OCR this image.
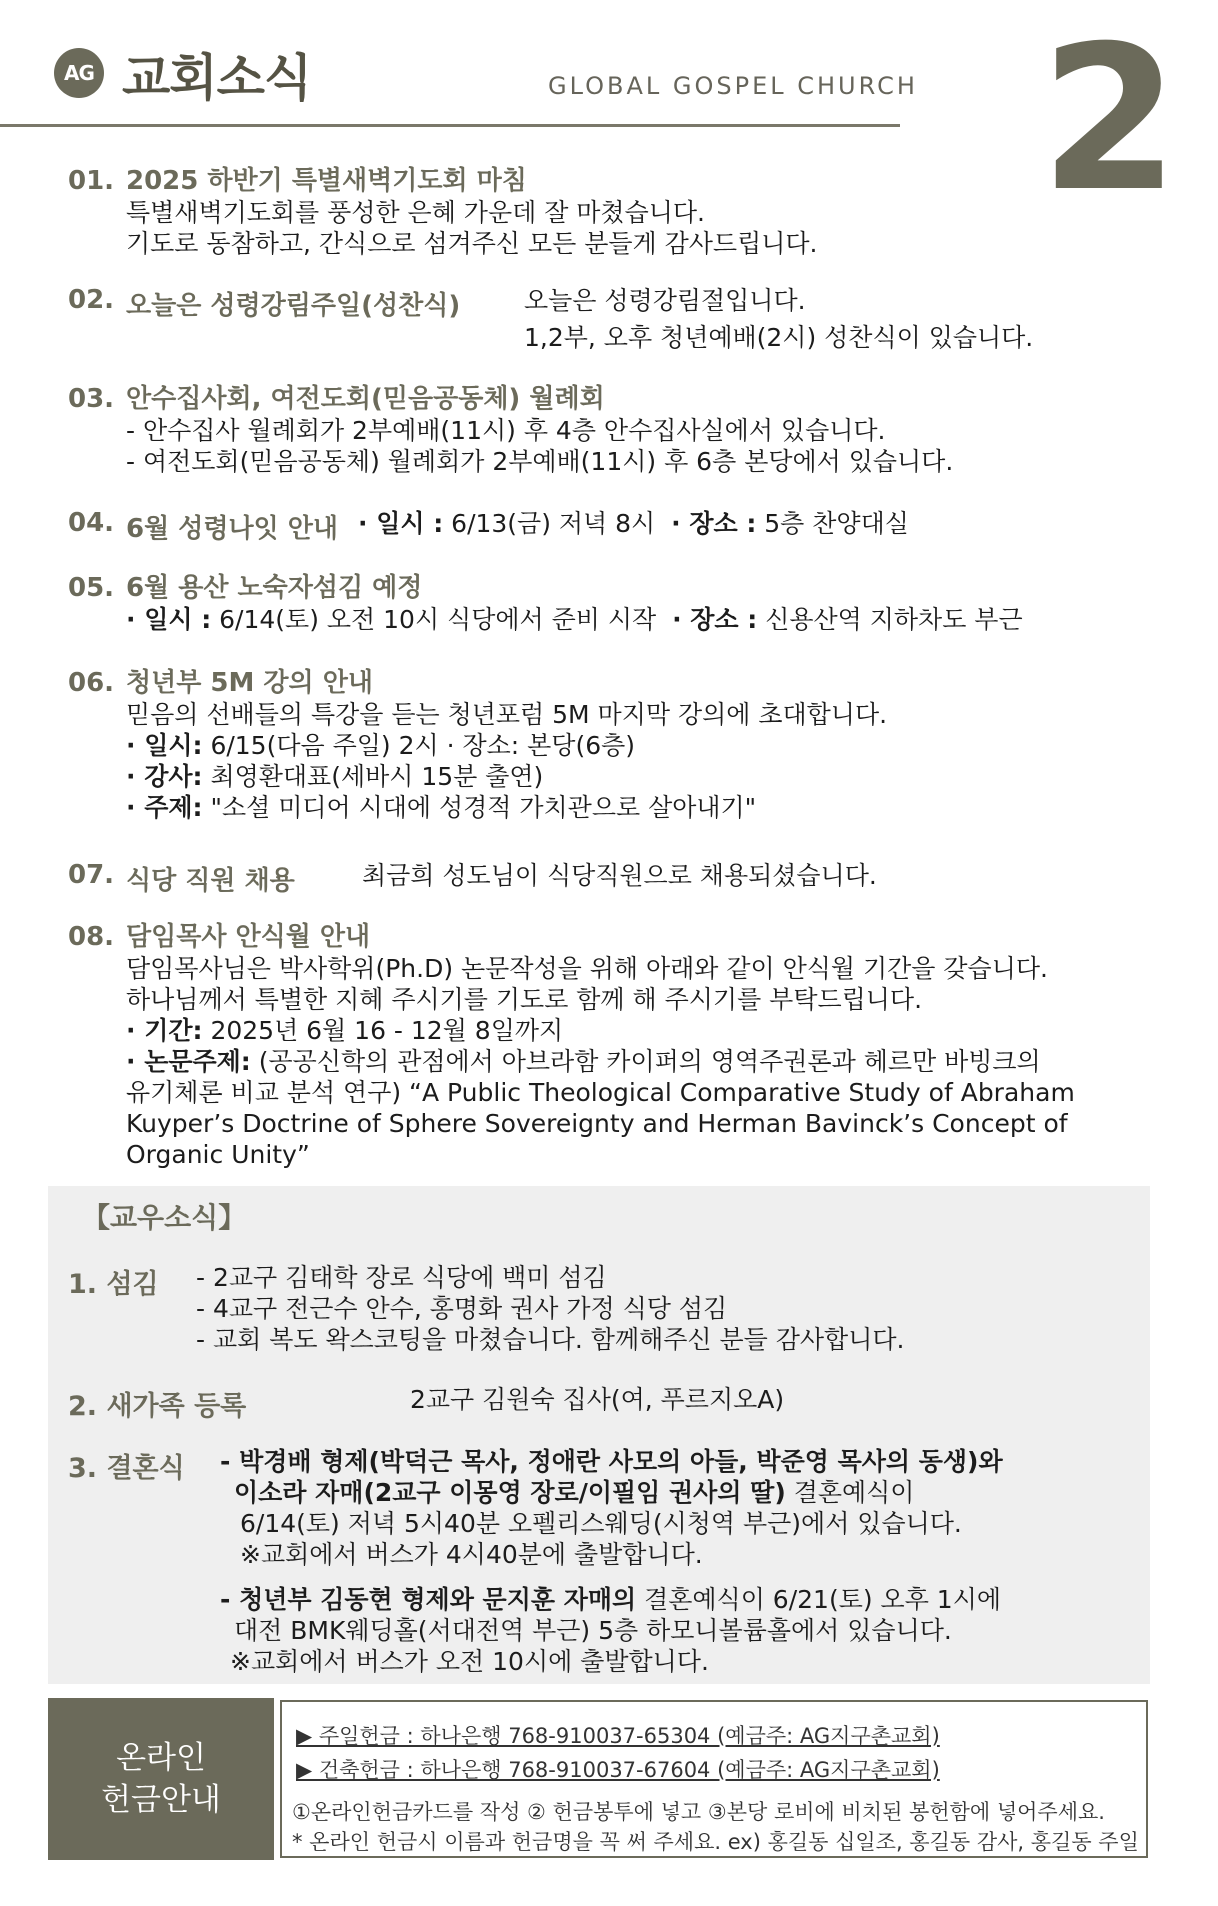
AG 교회소식	GLOBAL GOSPEL CHURCH 2
01. 2025 하반기 특별새벽기도회 마침
특별새벽기도회를 풍성한 은혜 가운데 잘 마쳤습니다.
기도로 동참하고, 간식으로 섬겨주신 모든 분들게 감사드립니다.
02. 오늘은 성령강림주일(성찬식)	오늘은 성령강림절입니다.
1,2부, 오후 청년예배(2시) 성찬식이 있습니다.
03. 안수집사회, 여전도회(믿음공동체) 월례회
- 안수집사 월례회가 2부예배(11시) 후 4층 안수집사실에서 있습니다.
- 여전도회(믿음공동체) 월례회가 2부예배(11시) 후 6층 본당에서 있습니다.
04. 6월 성령나잇 안내 · 일시 : 6/13(금) 저녁 8시 · 장소 : 5층 찬양대실
05. 6월 용산 노숙자섬김 예정
· 일시 : 6/14(토) 오전 10시 식당에서 준비 시작 · 장소 : 신용산역 지하차도 부근
06. 청년부 5M 강의 안내
믿음의 선배들의 특강을 듣는 청년포럼 5M 마지막 강의에 초대합니다.
· 일시: 6/15(다음 주일) 2시 · 장소: 본당(6층)
· 강사: 최영환대표(세바시 15분 출연)
· 주제: "소셜 미디어 시대에 성경적 가치관으로 살아내기"
07. 식당 직원 채용	최금희 성도님이 식당직원으로 채용되셨습니다.
08. 담임목사 안식월 안내
담임목사님은 박사학위(Ph.D) 논문작성을 위해 아래와 같이 안식월 기간을 갖습니다.
하나님께서 특별한 지혜 주시기를 기도로 함께 해 주시기를 부탁드립니다.
· 기간: 2025년 6월 16 - 12월 8일까지
· 논문주제: (공공신학의 관점에서 아브라함 카이퍼의 영역주권론과 헤르만 바빙크의
유기체론 비교 분석 연구) “A Public Theological Comparative Study of Abraham
Kuyper’s Doctrine of Sphere Sovereignty and Herman Bavinck’s Concept of
Organic Unity”
【교우소식】
1. 섬김	- 2교구 김태학 장로 식당에 백미 섬김
- 4교구 전근수 안수, 홍명화 권사 가정 식당 섬김
- 교회 복도 왁스코팅을 마쳤습니다. 함께해주신 분들 감사합니다.
2. 새가족 등록	2교구 김원숙 집사(여, 푸르지오A)
3. 결혼식	- 박경배 형제(박덕근 목사, 정애란 사모의 아들, 박준영 목사의 동생)와
이소라 자매(2교구 이몽영 장로/이필임 권사의 딸) 결혼예식이
6/14(토) 저녁 5시40분 오펠리스웨딩(시청역 부근)에서 있습니다.
※교회에서 버스가 4시40분에 출발합니다.
- 청년부 김동현 형제와 문지훈 자매의 결혼예식이 6/21(토) 오후 1시에
대전 BMK웨딩홀(서대전역 부근) 5층 하모니볼륨홀에서 있습니다.
※교회에서 버스가 오전 10시에 출발합니다.
온라인
헌금안내
▶ 주일헌금 : 하나은행 768-910037-65304 (예금주: AG지구촌교회)
▶ 건축헌금 : 하나은행 768-910037-67604 (예금주: AG지구촌교회)
①온라인헌금카드를 작성 ② 헌금봉투에 넣고 ③본당 로비에 비치된 봉헌함에 넣어주세요.
* 온라인 헌금시 이름과 헌금명을 꼭 써 주세요. ex) 홍길동 십일조, 홍길동 감사, 홍길동 주일
